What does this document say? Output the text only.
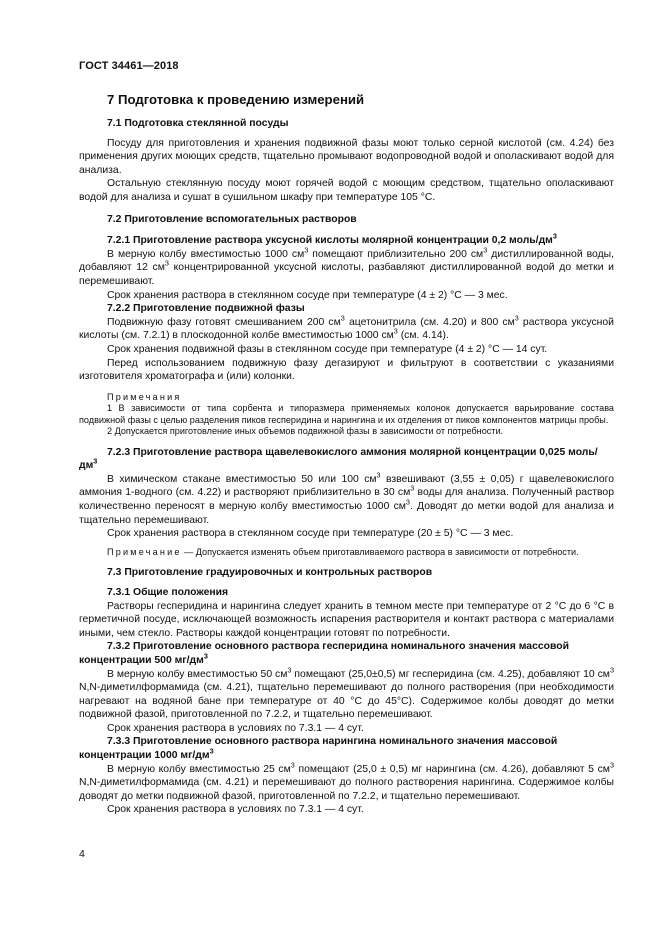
ГОСТ 34461—2018
7 Подготовка к проведению измерений
7.1 Подготовка стеклянной посуды
Посуду для приготовления и хранения подвижной фазы моют только серной кислотой (см. 4.24) без применения других моющих средств, тщательно промывают водопроводной водой и ополаскивают водой для анализа.
Остальную стеклянную посуду моют горячей водой с моющим средством, тщательно ополаскивают водой для анализа и сушат в сушильном шкафу при температуре 105 °С.
7.2 Приготовление вспомогательных растворов
7.2.1 Приготовление раствора уксусной кислоты молярной концентрации 0,2 моль/$дм^3$
В мерную колбу вместимостью 1000 $см^3$ помещают приблизительно 200 $см^3$ дистиллированной воды, добавляют 12 $см^3$ концентрированной уксусной кислоты, разбавляют дистиллированной водой до метки и перемешивают.
Срок хранения раствора в стеклянном сосуде при температуре (4 ± 2) °С — 3 мес.
7.2.2 Приготовление подвижной фазы
Подвижную фазу готовят смешиванием 200 $см^3$ ацетонитрила (см. 4.20) и 800 $см^3$ раствора уксусной кислоты (см. 7.2.1) в плоскодонной колбе вместимостью 1000 $см^3$ (см. 4.14).
Срок хранения подвижной фазы в стеклянном сосуде при температуре (4 ± 2) °С — 14 сут.
Перед использованием подвижную фазу дегазируют и фильтруют в соответствии с указаниями изготовителя хроматографа и (или) колонки.
Примечания
1 В зависимости от типа сорбента и типоразмера применяемых колонок допускается варьирование состава подвижной фазы с целью разделения пиков гесперидина и нарингина и их отделения от пиков компонентов матрицы пробы.
2 Допускается приготовление иных объемов подвижной фазы в зависимости от потребности.
7.2.3 Приготовление раствора щавелевокислого аммония молярной концентрации 0,025 моль/$дм^3$
В химическом стакане вместимостью 50 или 100 $см^3$ взвешивают (3,55 ± 0,05) г щавелевокислого аммония 1-водного (см. 4.22) и растворяют приблизительно в 30 $см^3$ воды для анализа. Полученный раствор количественно переносят в мерную колбу вместимостью 1000 $см^3$. Доводят до метки водой для анализа и тщательно перемешивают.
Срок хранения раствора в стеклянном сосуде при температуре (20 ± 5) °С — 3 мес.
Примечание — Допускается изменять объем приготавливаемого раствора в зависимости от потребности.
7.3 Приготовление градуировочных и контрольных растворов
7.3.1 Общие положения
Растворы гесперидина и нарингина следует хранить в темном месте при температуре от 2 °С до 6 °С в герметичной посуде, исключающей возможность испарения растворителя и контакт раствора с материалами иными, чем стекло. Растворы каждой концентрации готовят по потребности.
7.3.2 Приготовление основного раствора гесперидина номинального значения массовой концентрации 500 $мг/дм^3$
В мерную колбу вместимостью 50 $см^3$ помещают (25,0±0,5) мг гесперидина (см. 4.25), добавляют 10 $см^3$ N,N-диметилформамида (см. 4.21), тщательно перемешивают до полного растворения (при необходимости нагревают на водяной бане при температуре от 40 °С до 45°С). Содержимое колбы доводят до метки подвижной фазой, приготовленной по 7.2.2, и тщательно перемешивают.
Срок хранения раствора в условиях по 7.3.1 — 4 сут.
7.3.3 Приготовление основного раствора нарингина номинального значения массовой концентрации 1000 $мг/дм^3$
В мерную колбу вместимостью 25 $см^3$ помещают (25,0 ± 0,5) мг нарингина (см. 4.26), добавляют 5 $см^3$ N,N-диметилформамида (см. 4.21) и перемешивают до полного растворения нарингина. Содержимое колбы доводят до метки подвижной фазой, приготовленной по 7.2.2, и тщательно перемешивают.
Срок хранения раствора в условиях по 7.3.1 — 4 сут.
4
